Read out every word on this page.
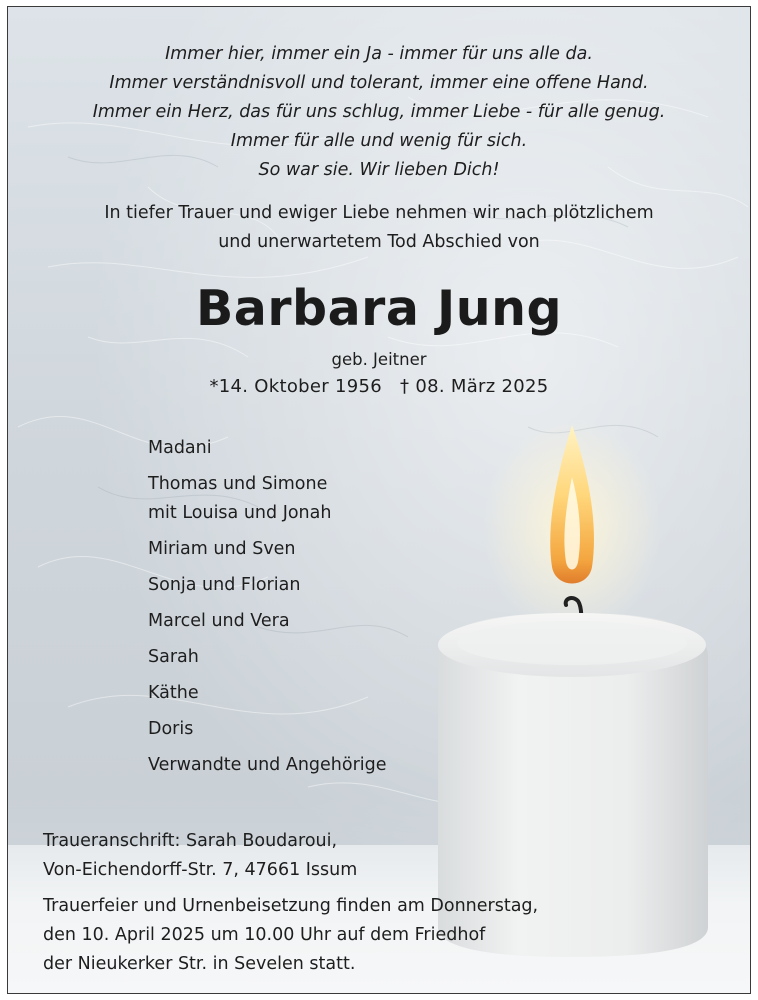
Immer hier, immer ein Ja - immer für uns alle da.
Immer verständnisvoll und tolerant, immer eine offene Hand.
Immer ein Herz, das für uns schlug, immer Liebe - für alle genug.
Immer für alle und wenig für sich.
So war sie. Wir lieben Dich!
In tiefer Trauer und ewiger Liebe nehmen wir nach plötzlichem
und unerwartetem Tod Abschied von
Barbara Jung
geb. Jeitner
*14. Oktober 1956 † 08. März 2025
Madani
Thomas und Simone
mit Louisa und Jonah
Miriam und Sven
Sonja und Florian
Marcel und Vera
Sarah
Käthe
Doris
Verwandte und Angehörige
Traueranschrift: Sarah Boudaroui,
Von-Eichendorff-Str. 7, 47661 Issum
Trauerfeier und Urnenbeisetzung finden am Donnerstag,
den 10. April 2025 um 10.00 Uhr auf dem Friedhof
der Nieukerker Str. in Sevelen statt.
